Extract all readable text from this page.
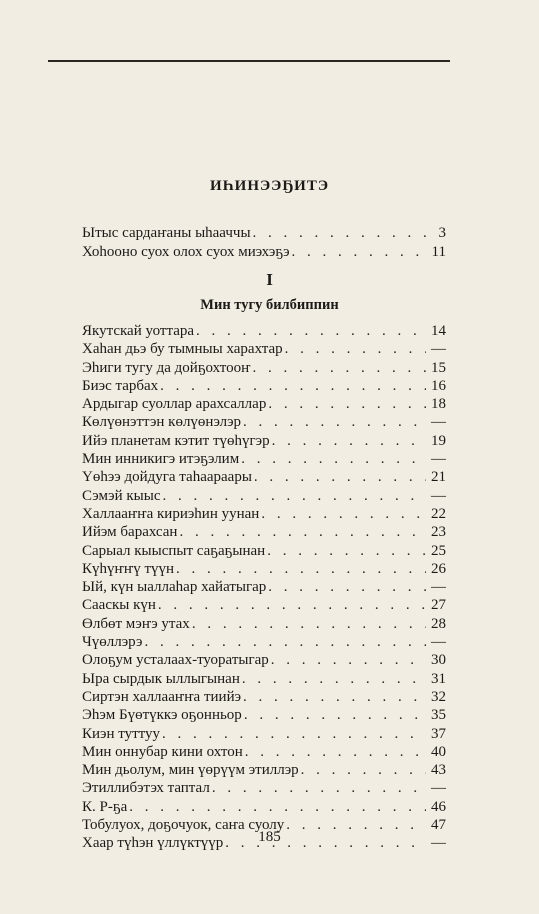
ИҺИНЭЭҔИТЭ
Ытыс сардаҥаны ыһааччы . . .	3
Хоһооно суох олох суох миэхэҕэ . . .	11
I
Мин тугу билбиппин
Якутскай уоттара . . .	14
Хаһан дьэ бу тымныы харахтар . . .	—
Эһиги тугу да дойҕохтооҥ . . .	15
Биэс тарбах . . .	16
Ардыгар суоллар арахсаллар . . .	18
Көлүөнэттэн көлүөнэлэр . . .	—
Ийэ планетам кэтит түөһүгэр . . .	19
Мин инникигэ итэҕэлим . . .	—
Үөһээ дойдуга таһаараары . . .	21
Сэмэй кыыс . . .	—
Халлааҥҥа кириэһин уунан . . .	22
Ийэм барахсан . . .	23
Сарыал кыыспыт саҕаҕынан . . .	25
Күһүҥҥү түүн . . .	26
Ый, күн ыаллаһар хайатыгар . . .	—
Сааскы күн . . .	27
Өлбөт мэҥэ утах . . .	28
Чүөллэрэ . . .	—
Олоҕум усталаах-туоратыгар . . .	30
Ыра сырдык ыллыгынан . . .	31
Сиртэн халлааҥҥа тиийэ . . .	32
Эһэм Бүөтүккэ оҕонньор . . .	35
Киэн туттуу . . .	37
Мин оннубар кини охтон . . .	40
Мин дьолум, мин үөрүүм этиллэр . . .	43
Этиллибэтэх таптал . . .	—
К. Р-ҕа . . .	46
Тобулуох, доҕочуок, саҥа суолу . . .	47
Хаар түһэн үллүктүүр . . .	—
185
